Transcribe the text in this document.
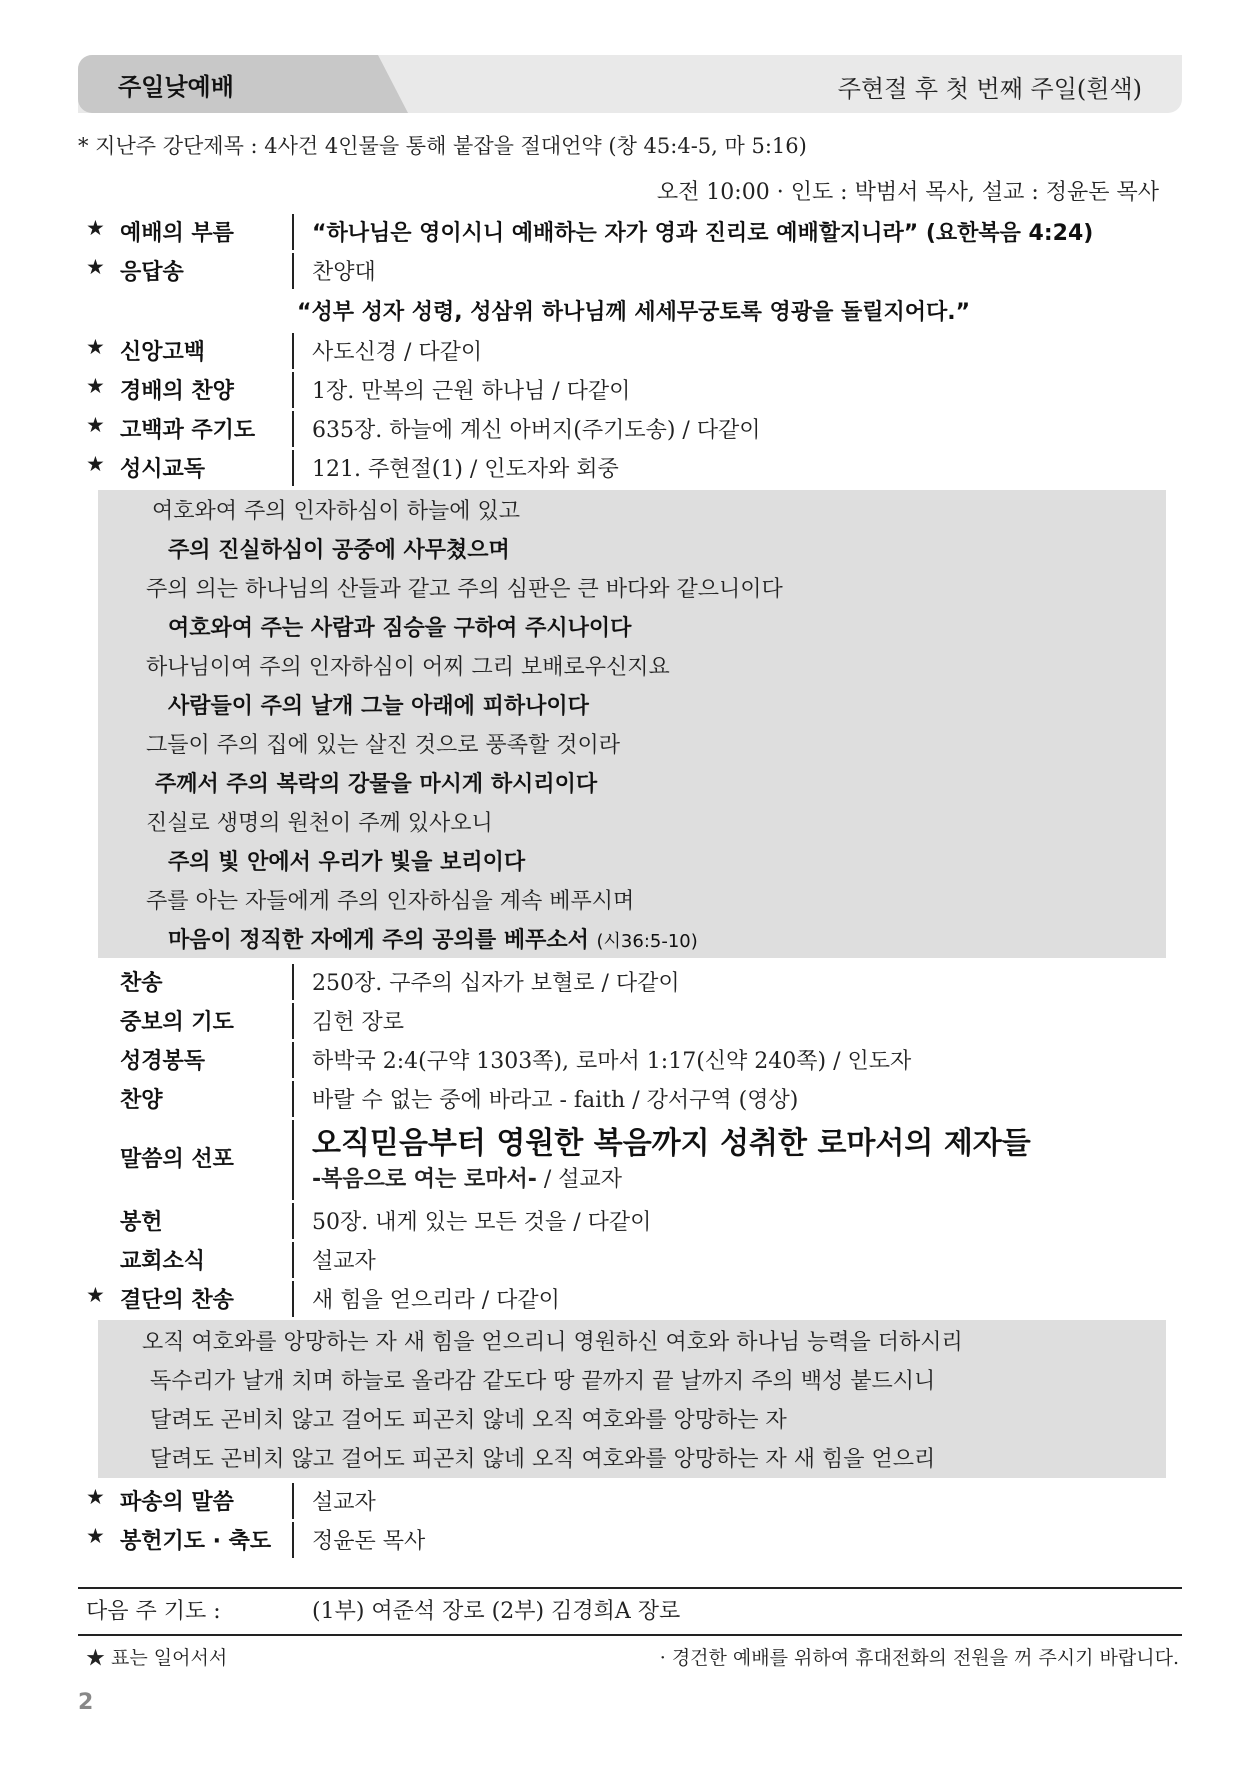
주일낮예배	주현절 후 첫 번째 주일(흰색)
* 지난주 강단제목 : 4사건 4인물을 통해 붙잡을 절대언약 (창 45:4-5, 마 5:16)
오전 10:00 · 인도 : 박범서 목사, 설교 : 정윤돈 목사
★ 예배의 부름	“하나님은 영이시니 예배하는 자가 영과 진리로 예배할지니라” (요한복음 4:24)
★ 응답송	찬양대
“성부 성자 성령, 성삼위 하나님께 세세무궁토록 영광을 돌릴지어다.”
★ 신앙고백	사도신경 / 다같이
★ 경배의 찬양	1장. 만복의 근원 하나님 / 다같이
★ 고백과 주기도	635장. 하늘에 계신 아버지(주기도송) / 다같이
★ 성시교독	121. 주현절(1) / 인도자와 회중
여호와여 주의 인자하심이 하늘에 있고
주의 진실하심이 공중에 사무쳤으며
주의 의는 하나님의 산들과 같고 주의 심판은 큰 바다와 같으니이다
여호와여 주는 사람과 짐승을 구하여 주시나이다
하나님이여 주의 인자하심이 어찌 그리 보배로우신지요
사람들이 주의 날개 그늘 아래에 피하나이다
그들이 주의 집에 있는 살진 것으로 풍족할 것이라
주께서 주의 복락의 강물을 마시게 하시리이다
진실로 생명의 원천이 주께 있사오니
주의 빛 안에서 우리가 빛을 보리이다
주를 아는 자들에게 주의 인자하심을 계속 베푸시며
마음이 정직한 자에게 주의 공의를 베푸소서 (시36:5-10)
찬송	250장. 구주의 십자가 보혈로 / 다같이
중보의 기도	김헌 장로
성경봉독	하박국 2:4(구약 1303쪽), 로마서 1:17(신약 240쪽) / 인도자
찬양	바랄 수 없는 중에 바라고 - faith / 강서구역 (영상)
말씀의 선포	오직믿음부터 영원한 복음까지 성취한 로마서의 제자들
-복음으로 여는 로마서- / 설교자
봉헌	50장. 내게 있는 모든 것을 / 다같이
교회소식	설교자
★ 결단의 찬송	새 힘을 얻으리라 / 다같이
오직 여호와를 앙망하는 자 새 힘을 얻으리니 영원하신 여호와 하나님 능력을 더하시리
독수리가 날개 치며 하늘로 올라감 같도다 땅 끝까지 끝 날까지 주의 백성 붙드시니
달려도 곤비치 않고 걸어도 피곤치 않네 오직 여호와를 앙망하는 자
달려도 곤비치 않고 걸어도 피곤치 않네 오직 여호와를 앙망하는 자 새 힘을 얻으리
★ 파송의 말씀	설교자
★ 봉헌기도 · 축도 정윤돈 목사
다음 주 기도 :	(1부) 여준석 장로 (2부) 김경희A 장로
★ 표는 일어서서	· 경건한 예배를 위하여 휴대전화의 전원을 꺼 주시기 바랍니다.
2
